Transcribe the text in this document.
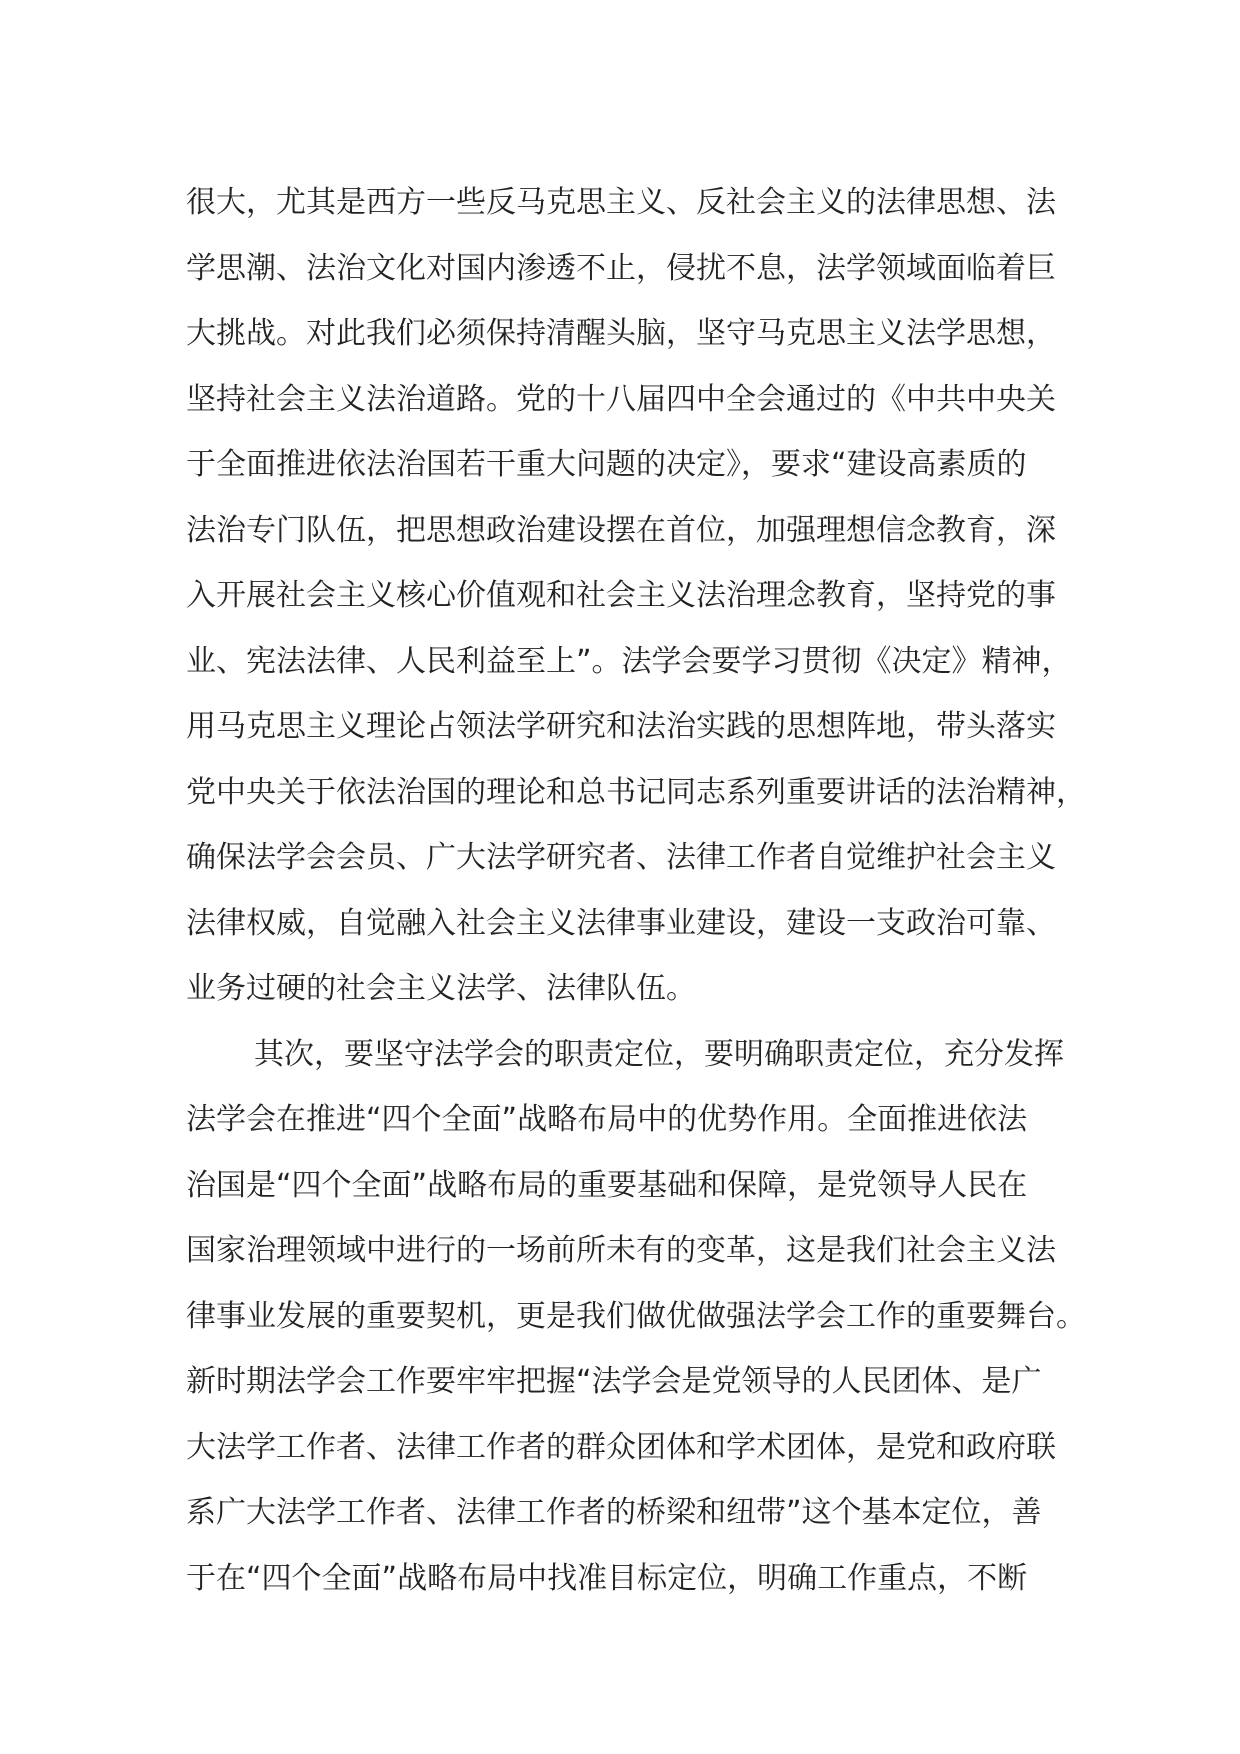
很大，尤其是西方一些反马克思主义、反社会主义的法律思想、法
学思潮、法治文化对国内渗透不止，侵扰不息，法学领域面临着巨
大挑战。对此我们必须保持清醒头脑，坚守马克思主义法学思想，
坚持社会主义法治道路。党的十八届四中全会通过的《中共中央关
于全面推进依法治国若干重大问题的决定》，要求“建设高素质的
法治专门队伍，把思想政治建设摆在首位，加强理想信念教育，深
入开展社会主义核心价值观和社会主义法治理念教育，坚持党的事
业、宪法法律、人民利益至上”。法学会要学习贯彻《决定》精神，
用马克思主义理论占领法学研究和法治实践的思想阵地，带头落实
党中央关于依法治国的理论和总书记同志系列重要讲话的法治精神，
确保法学会会员、广大法学研究者、法律工作者自觉维护社会主义
法律权威，自觉融入社会主义法律事业建设，建设一支政治可靠、
业务过硬的社会主义法学、法律队伍。
其次，要坚守法学会的职责定位，要明确职责定位，充分发挥
法学会在推进“四个全面”战略布局中的优势作用。全面推进依法
治国是“四个全面”战略布局的重要基础和保障，是党领导人民在
国家治理领域中进行的一场前所未有的变革，这是我们社会主义法
律事业发展的重要契机，更是我们做优做强法学会工作的重要舞台。
新时期法学会工作要牢牢把握“法学会是党领导的人民团体、是广
大法学工作者、法律工作者的群众团体和学术团体，是党和政府联
系广大法学工作者、法律工作者的桥梁和纽带”这个基本定位，善
于在“四个全面”战略布局中找准目标定位，明确工作重点，不断
